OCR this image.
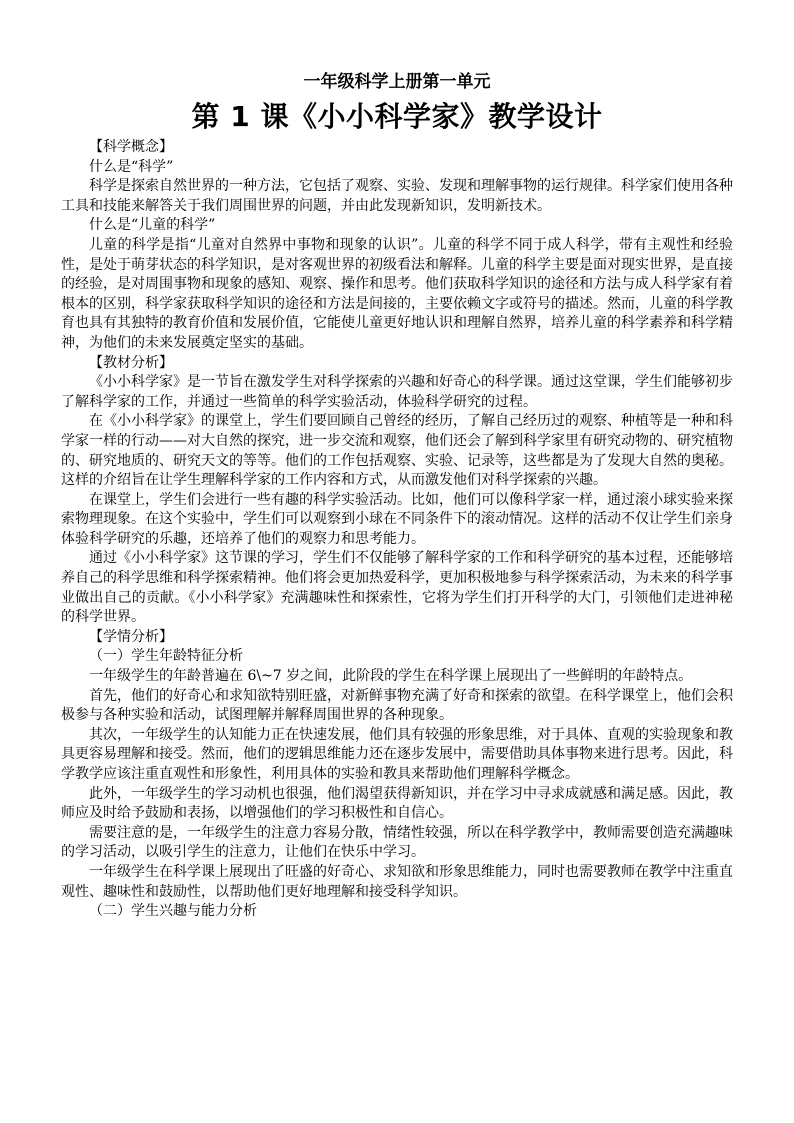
一年级科学上册第一单元
第 1 课《小小科学家》教学设计

【科学概念】

什么是“科学”

科学是探索自然世界的一种方法，它包括了观察、实验、发现和理解事物的运行规律。科学家们使用各种工具和技能来解答关于我们周围世界的问题，并由此发现新知识，发明新技术。

什么是“儿童的科学”

儿童的科学是指“儿童对自然界中事物和现象的认识”。儿童的科学不同于成人科学，带有主观性和经验性，是处于萌芽状态的科学知识，是对客观世界的初级看法和解释。儿童的科学主要是面对现实世界，是直接的经验，是对周围事物和现象的感知、观察、操作和思考。他们获取科学知识的途径和方法与成人科学家有着根本的区别，科学家获取科学知识的途径和方法是间接的，主要依赖文字或符号的描述。然而，儿童的科学教育也具有其独特的教育价值和发展价值，它能使儿童更好地认识和理解自然界，培养儿童的科学素养和科学精神，为他们的未来发展奠定坚实的基础。

【教材分析】

《小小科学家》是一节旨在激发学生对科学探索的兴趣和好奇心的科学课。通过这堂课，学生们能够初步了解科学家的工作，并通过一些简单的科学实验活动，体验科学研究的过程。

在《小小科学家》的课堂上，学生们要回顾自己曾经的经历，了解自己经历过的观察、种植等是一种和科学家一样的行动——对大自然的探究，进一步交流和观察，他们还会了解到科学家里有研究动物的、研究植物的、研究地质的、研究天文的等等。他们的工作包括观察、实验、记录等，这些都是为了发现大自然的奥秘。这样的介绍旨在让学生理解科学家的工作内容和方式，从而激发他们对科学探索的兴趣。

在课堂上，学生们会进行一些有趣的科学实验活动。比如，他们可以像科学家一样，通过滚小球实验来探索物理现象。在这个实验中，学生们可以观察到小球在不同条件下的滚动情况。这样的活动不仅让学生们亲身体验科学研究的乐趣，还培养了他们的观察力和思考能力。

通过《小小科学家》这节课的学习，学生们不仅能够了解科学家的工作和科学研究的基本过程，还能够培养自己的科学思维和科学探索精神。他们将会更加热爱科学，更加积极地参与科学探索活动，为未来的科学事业做出自己的贡献。《小小科学家》充满趣味性和探索性，它将为学生们打开科学的大门，引领他们走进神秘的科学世界。

【学情分析】

（一）学生年龄特征分析

一年级学生的年龄普遍在 6\~7 岁之间，此阶段的学生在科学课上展现出了一些鲜明的年龄特点。

首先，他们的好奇心和求知欲特别旺盛，对新鲜事物充满了好奇和探索的欲望。在科学课堂上，他们会积极参与各种实验和活动，试图理解并解释周围世界的各种现象。

其次，一年级学生的认知能力正在快速发展，他们具有较强的形象思维，对于具体、直观的实验现象和教具更容易理解和接受。然而，他们的逻辑思维能力还在逐步发展中，需要借助具体事物来进行思考。因此，科学教学应该注重直观性和形象性，利用具体的实验和教具来帮助他们理解科学概念。

此外，一年级学生的学习动机也很强，他们渴望获得新知识，并在学习中寻求成就感和满足感。因此，教师应及时给予鼓励和表扬，以增强他们的学习积极性和自信心。

需要注意的是，一年级学生的注意力容易分散，情绪性较强，所以在科学教学中，教师需要创造充满趣味的学习活动，以吸引学生的注意力，让他们在快乐中学习。

一年级学生在科学课上展现出了旺盛的好奇心、求知欲和形象思维能力，同时也需要教师在教学中注重直观性、趣味性和鼓励性，以帮助他们更好地理解和接受科学知识。

（二）学生兴趣与能力分析
